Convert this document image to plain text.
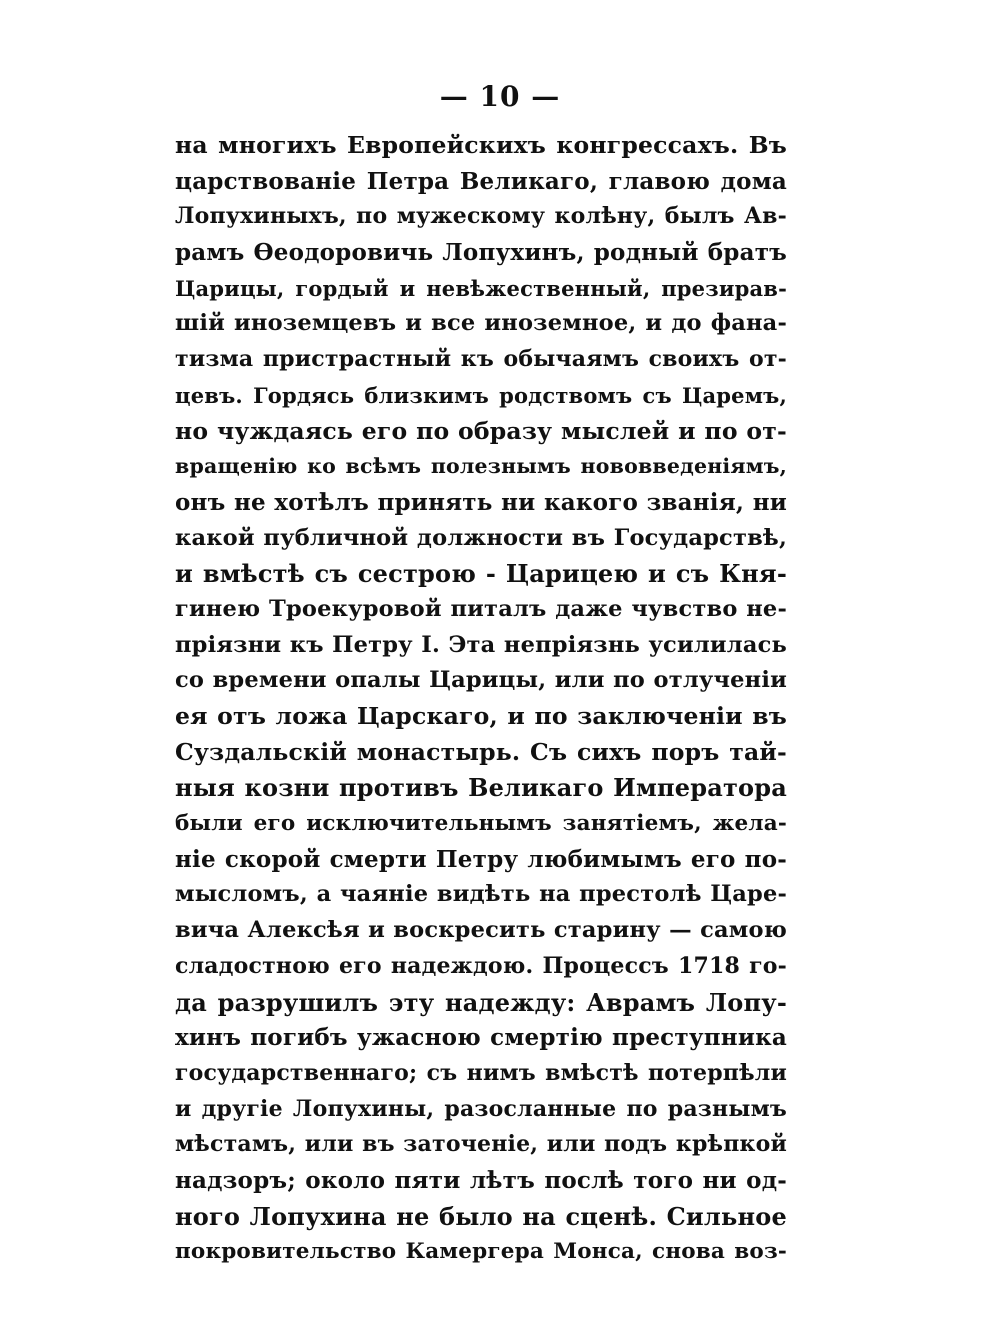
— 10 —
на многихъ Европейскихъ конгрессахъ. Въ
царствованіе Петра Великаго, главою дома
Лопухиныхъ, по мужескому колѣну, былъ Ав-
рамъ Ѳеодоровичь Лопухинъ, родный братъ
Царицы, гордый и невѣжественный, презирав-
шій иноземцевъ и все иноземное, и до фана-
тизма пристрастный къ обычаямъ своихъ от-
цевъ. Гордясь близкимъ родствомъ съ Царемъ,
но чуждаясь его по образу мыслей и по от-
вращенію ко всѣмъ полезнымъ нововведеніямъ,
онъ не хотѣлъ принять ни какого званія, ни
какой публичной должности въ Государствѣ,
и вмѣстѣ съ сестрою - Царицею и съ Кня-
гинею Троекуровой питалъ даже чувство не-
пріязни къ Петру I. Эта непріязнь усилилась
со времени опалы Царицы, или по отлученіи
ея отъ ложа Царскаго, и по заключеніи въ
Суздальскій монастырь. Съ сихъ поръ тай-
ныя козни противъ Великаго Императора
были его исключительнымъ занятіемъ, жела-
ніе скорой смерти Петру любимымъ его по-
мысломъ, а чаяніе видѣть на престолѣ Царе-
вича Алексѣя и воскресить старину — самою
сладостною его надеждою. Процессъ 1718 го-
да разрушилъ эту надежду: Аврамъ Лопу-
хинъ погибъ ужасною смертію преступника
государственнаго; съ нимъ вмѣстѣ потерпѣли
и другіе Лопухины, разосланные по разнымъ
мѣстамъ, или въ заточеніе, или подъ крѣпкой
надзоръ; около пяти лѣтъ послѣ того ни од-
ного Лопухина не было на сценѣ. Сильное
покровительство Камергера Монса, снова воз-
